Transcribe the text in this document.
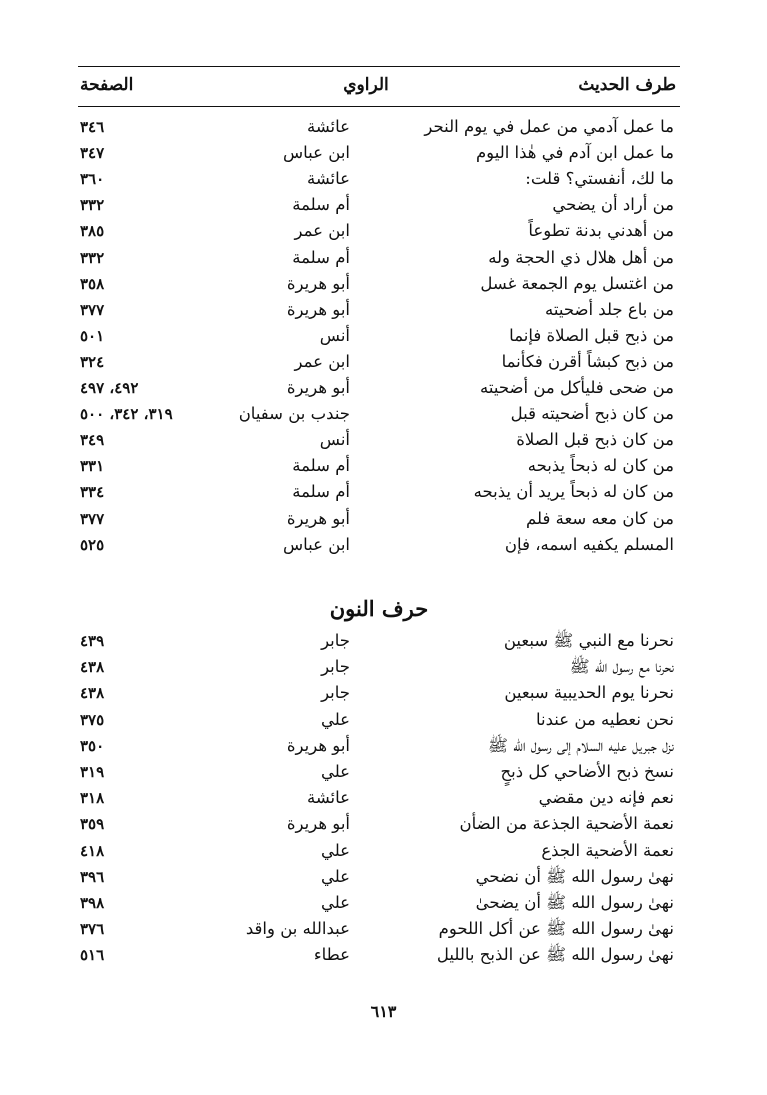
طرف الحديث
الراوي
الصفحة
ما عمل آدمي من عمل في يوم النحر
عائشة
٣٤٦
ما عمل ابن آدم في هٰذا اليوم
ابن عباس
٣٤٧
ما لك، أنفستي؟ قلت:
عائشة
٣٦٠
من أراد أن يضحي
أم سلمة
٣٣٢
من أهدني بدنة تطوعاً
ابن عمر
٣٨٥
من أهل هلال ذي الحجة وله
أم سلمة
٣٣٢
من اغتسل يوم الجمعة غسل
أبو هريرة
٣٥٨
من باع جلد أضحيته
أبو هريرة
٣٧٧
من ذبح قبل الصلاة فإنما
أنس
٥٠١
من ذبح كبشاً أقرن فكأنما
ابن عمر
٣٢٤
من ضحى فليأكل من أضحيته
أبو هريرة
٤٩٢، ٤٩٧
من كان ذبح أضحيته قبل
جندب بن سفيان
٣١٩، ٣٤٢، ٥٠٠
من كان ذبح قبل الصلاة
أنس
٣٤٩
من كان له ذبحاً يذبحه
أم سلمة
٣٣١
من كان له ذبحاً يريد أن يذبحه
أم سلمة
٣٣٤
من كان معه سعة فلم
أبو هريرة
٣٧٧
المسلم يكفيه اسمه، فإن
ابن عباس
٥٢٥
حرف النون
نحرنا مع النبي ﷺ سبعين
جابر
٤٣٩
نحرنا مع رسول الله ﷺ
جابر
٤٣٨
نحرنا يوم الحديبية سبعين
جابر
٤٣٨
نحن نعطيه من عندنا
علي
٣٧٥
نزل جبريل عليه السلام إلى رسول الله ﷺ
أبو هريرة
٣٥٠
نسخ ذبح الأضاحي كل ذبحٍ
علي
٣١٩
نعم فإنه دين مقضي
عائشة
٣١٨
نعمة الأضحية الجذعة من الضأن
أبو هريرة
٣٥٩
نعمة الأضحية الجذع
علي
٤١٨
نهىٰ رسول الله ﷺ أن نضحي
علي
٣٩٦
نهىٰ رسول الله ﷺ أن يضحىٰ
علي
٣٩٨
نهىٰ رسول الله ﷺ عن أكل اللحوم
عبدالله بن واقد
٣٧٦
نهىٰ رسول الله ﷺ عن الذبح بالليل
عطاء
٥١٦
٦١٣
